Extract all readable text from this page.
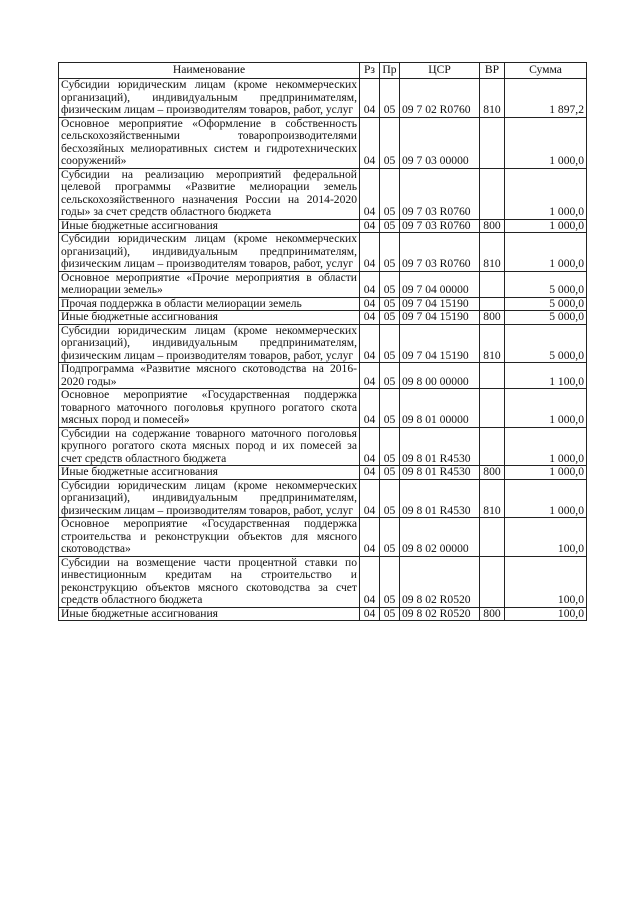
Наименование	Рз	Пр	ЦСР	ВР	Сумма
Субсидии юридическим лицам (кроме некоммерческих организаций), индивидуальным предпринимателям, физическим лицам – производителям товаров, работ, услуг	04	05	09 7 02 R0760	810	1 897,2
Основное мероприятие «Оформление в собственность сельскохозяйственными товаропроизводителями бесхозяйных мелиоративных систем и гидротехнических сооружений»	04	05	09 7 03 00000		1 000,0
Субсидии на реализацию мероприятий федеральной целевой программы «Развитие мелиорации земель сельскохозяйственного назначения России на 2014-2020 годы» за счет средств областного бюджета	04	05	09 7 03 R0760		1 000,0
Иные бюджетные ассигнования	04	05	09 7 03 R0760	800	1 000,0
Субсидии юридическим лицам (кроме некоммерческих организаций), индивидуальным предпринимателям, физическим лицам – производителям товаров, работ, услуг	04	05	09 7 03 R0760	810	1 000,0
Основное мероприятие «Прочие мероприятия в области мелиорации земель»	04	05	09 7 04 00000		5 000,0
Прочая поддержка в области мелиорации земель	04	05	09 7 04 15190		5 000,0
Иные бюджетные ассигнования	04	05	09 7 04 15190	800	5 000,0
Субсидии юридическим лицам (кроме некоммерческих организаций), индивидуальным предпринимателям, физическим лицам – производителям товаров, работ, услуг	04	05	09 7 04 15190	810	5 000,0
Подпрограмма «Развитие мясного скотоводства на 2016-2020 годы»	04	05	09 8 00 00000		1 100,0
Основное мероприятие «Государственная поддержка товарного маточного поголовья крупного рогатого скота мясных пород и помесей»	04	05	09 8 01 00000		1 000,0
Субсидии на содержание товарного маточного поголовья крупного рогатого скота мясных пород и их помесей за счет средств областного бюджета	04	05	09 8 01 R4530		1 000,0
Иные бюджетные ассигнования	04	05	09 8 01 R4530	800	1 000,0
Субсидии юридическим лицам (кроме некоммерческих организаций), индивидуальным предпринимателям, физическим лицам – производителям товаров, работ, услуг	04	05	09 8 01 R4530	810	1 000,0
Основное мероприятие «Государственная поддержка строительства и реконструкции объектов для мясного скотоводства»	04	05	09 8 02 00000		100,0
Субсидии на возмещение части процентной ставки по инвестиционным кредитам на строительство и реконструкцию объектов мясного скотоводства за счет средств областного бюджета	04	05	09 8 02 R0520		100,0
Иные бюджетные ассигнования	04	05	09 8 02 R0520	800	100,0
